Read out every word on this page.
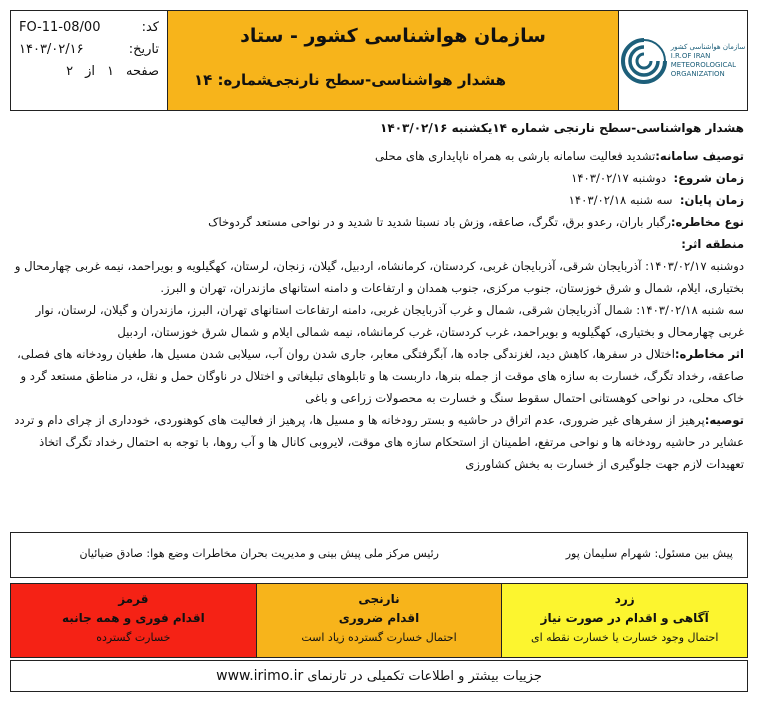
کد:
FO-11-08/00
تاریخ:
۱۴۰۳/۰۲/۱۶
صفحه
۱
از
۲
سازمان هواشناسی کشور - ستاد
هشدار هواشناسی-سطح نارنجی
شماره: ۱۴
سازمان هواشناسی کشور
I.R.OF IRAN
METEOROLOGICAL
ORGANIZATION

هشدار هواشناسی-سطح نارنجی شماره ۱۴یکشنبه ۱۴۰۳/۰۲/۱۶

توصیف سامانه:تشدید فعالیت سامانه بارشی به همراه ناپایداری های محلی

زمان شروع:  دوشنبه ۱۴۰۳/۰۲/۱۷

زمان پایان:  سه شنبه ۱۴۰۳/۰۲/۱۸

نوع مخاطره:رگبار باران، رعدو برق، تگرگ، صاعقه، وزش باد نسبتا شدید تا شدید و در نواحی مستعد گردوخاک

منطقه اثر:

دوشنبه ۱۴۰۳/۰۲/۱۷: آذربایجان شرقی، آذربایجان غربی، کردستان، کرمانشاه، اردبیل، گیلان، زنجان، لرستان، کهگیلویه و بویراحمد، نیمه غربی چهارمحال و بختیاری، ایلام، شمال و شرق خوزستان، جنوب مرکزی، جنوب همدان و ارتفاعات و دامنه استانهای مازندران، تهران و البرز.

سه شنبه ۱۴۰۳/۰۲/۱۸: شمال آذربایجان شرقی، شمال و غرب آذربایجان غربی، دامنه ارتفاعات استانهای تهران، البرز، مازندران و گیلان، لرستان، نوار غربی چهارمحال و بختیاری، کهگیلویه و بویراحمد، غرب کردستان، غرب کرمانشاه، نیمه شمالی ایلام و شمال شرق خوزستان، اردبیل

اثر مخاطره:اختلال در سفرها، کاهش دید، لغزندگی جاده ها، آبگرفتگی معابر، جاری شدن روان آب، سیلابی شدن مسیل ها، طغیان رودخانه های فصلی، صاعقه، رخداد تگرگ، خسارت به سازه های موقت از جمله بنرها، داربست ها و تابلوهای تبلیغاتی و اختلال در ناوگان حمل و نقل، در مناطق مستعد گرد و خاک محلی، در نواحی کوهستانی احتمال سقوط سنگ و خسارت به محصولات زراعی و باغی

توصیه:پرهیز از سفرهای غیر ضروری، عدم اتراق در حاشیه و بستر رودخانه ها و مسیل ها، پرهیز از فعالیت های کوهنوردی، خودداری از چرای دام و تردد عشایر در حاشیه رودخانه ها و نواحی مرتفع، اطمینان از استحکام سازه های موقت، لایروبی کانال ها و آب روها، با توجه به احتمال رخداد تگرگ اتخاذ تعهیدات لازم جهت جلوگیری از خسارت به بخش کشاورزی

پیش بین مسئول: شهرام سلیمان پور
رئیس مرکز ملی پیش بینی و مدیریت بحران مخاطرات وضع هوا: صادق ضیائیان
قرمز
اقدام فوری و همه جانبه
خسارت گسترده
نارنجی
اقدام ضروری
احتمال خسارت گسترده زیاد است
زرد
آگاهی و اقدام در صورت نیاز
احتمال وجود خسارت یا خسارت نقطه ای
جزییات بیشتر و اطلاعات تکمیلی در تارنمای www.irimo.ir
